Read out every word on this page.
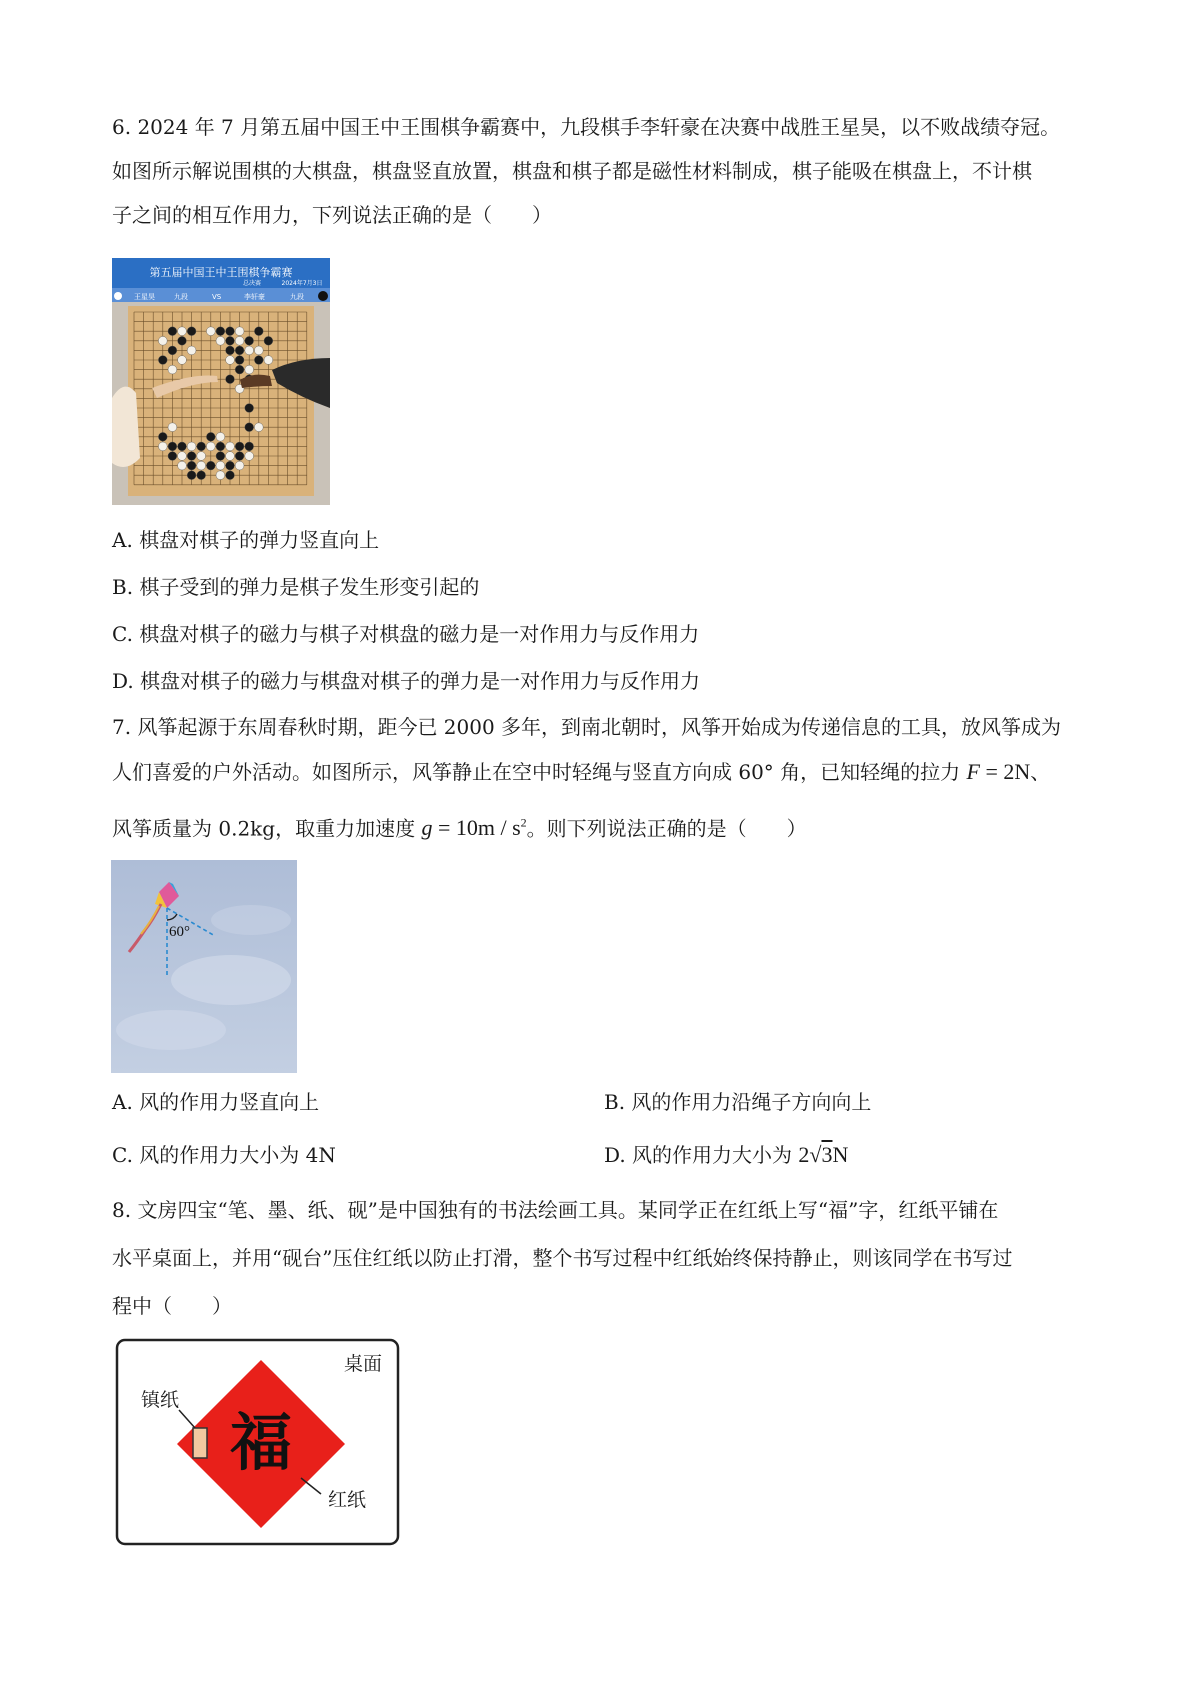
6. 2024 年 7 月第五届中国王中王围棋争霸赛中，九段棋手李轩豪在决赛中战胜王星昊，以不败战绩夺冠。
如图所示解说围棋的大棋盘，棋盘竖直放置，棋盘和棋子都是磁性材料制成，棋子能吸在棋盘上，不计棋
子之间的相互作用力，下列说法正确的是（　　）
第五届中国王中王围棋争霸赛
总决赛	2024年7月3日
王星昊	九段	VS	李轩豪	九段
A. 棋盘对棋子的弹力竖直向上
B. 棋子受到的弹力是棋子发生形变引起的
C. 棋盘对棋子的磁力与棋子对棋盘的磁力是一对作用力与反作用力
D. 棋盘对棋子的磁力与棋盘对棋子的弹力是一对作用力与反作用力
7. 风筝起源于东周春秋时期，距今已 2000 多年，到南北朝时，风筝开始成为传递信息的工具，放风筝成为
人们喜爱的户外活动。如图所示，风筝静止在空中时轻绳与竖直方向成 60° 角，已知轻绳的拉力 F = 2N、
风筝质量为 0.2kg，取重力加速度 $g = 10m / s^2$。则下列说法正确的是（　　）
60°
A. 风的作用力竖直向上	B. 风的作用力沿绳子方向向上
C. 风的作用力大小为 4N	D. 风的作用力大小为 2√3N
8. 文房四宝“笔、墨、纸、砚”是中国独有的书法绘画工具。某同学正在红纸上写“福”字，红纸平铺在
水平桌面上，并用“砚台”压住红纸以防止打滑，整个书写过程中红纸始终保持静止，则该同学在书写过
程中（　　）
桌面
福
镇纸
红纸
